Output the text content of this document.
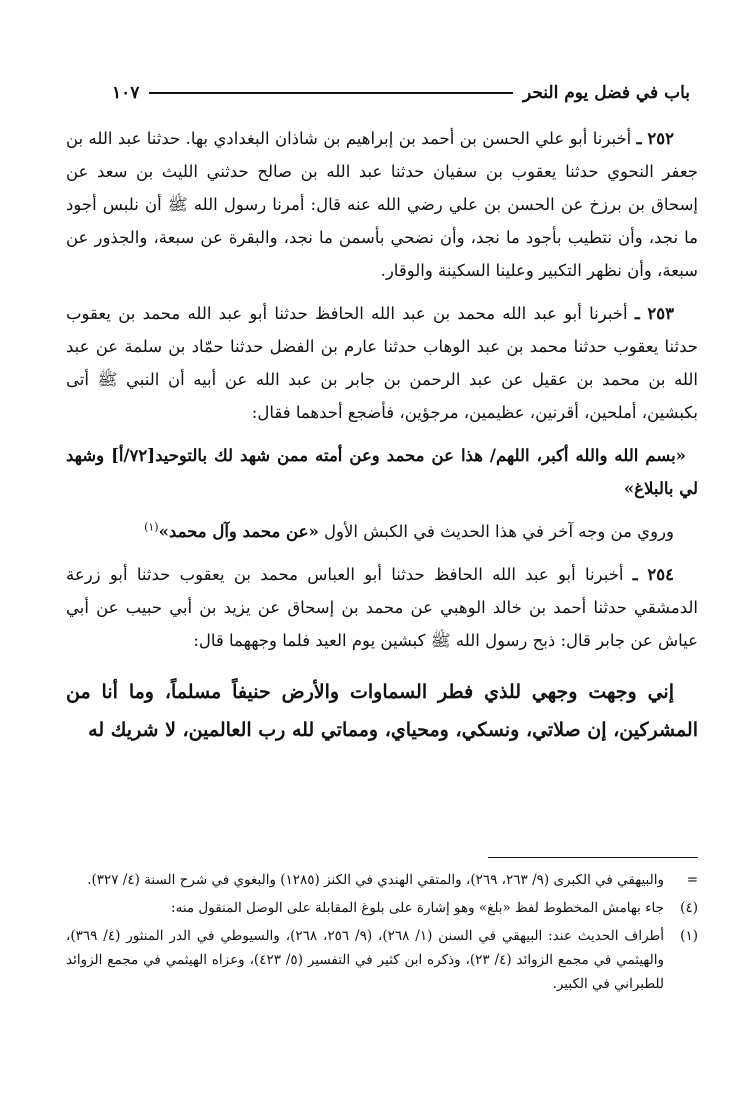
باب في فضل يوم النحر
١٠٧

٢٥٢ ـ أخبرنا أبو علي الحسن بن أحمد بن إبراهيم بن شاذان البغدادي بها. حدثنا عبد الله بن جعفر النحوي حدثنا يعقوب بن سفيان حدثنا عبد الله بن صالح حدثني الليث بن سعد عن إسحاق بن برزخ عن الحسن بن علي رضي الله عنه قال: أمرنا رسول الله ﷺ أن نلبس أجود ما نجد، وأن نتطيب بأجود ما نجد، وأن نضحي بأسمن ما نجد، والبقرة عن سبعة، والجذور عن سبعة، وأن نظهر التكبير وعلينا السكينة والوقار.

٢٥٣ ـ أخبرنا أبو عبد الله محمد بن عبد الله الحافظ حدثنا أبو عبد الله محمد بن يعقوب حدثنا يعقوب حدثنا محمد بن عبد الوهاب حدثنا عارم بن الفضل حدثنا حمّاد بن سلمة عن عبد الله بن محمد بن عقيل عن عبد الرحمن بن جابر بن عبد الله عن أبيه أن النبي ﷺ أتى بكبشين، أملحين، أقرنين، عظيمين، مرجؤين، فأضجع أحدهما فقال:

«بسم الله والله أكبر، اللهم/ هذا عن محمد وعن أمته ممن شهد لك بالتوحيد[٧٢/أ] وشهد لي بالبلاغ»

وروي من وجه آخر في هذا الحديث في الكبش الأول «عن محمد وآل محمد»$^{(١)}$

٢٥٤ ـ أخبرنا أبو عبد الله الحافظ حدثنا أبو العباس محمد بن يعقوب حدثنا أبو زرعة الدمشقي حدثنا أحمد بن خالد الوهبي عن محمد بن إسحاق عن يزيد بن أبي حبيب عن أبي عياش عن جابر قال: ذبح رسول الله ﷺ كبشين يوم العيد فلما وجههما قال:

إني وجهت وجهي للذي فطر السماوات والأرض حنيفاً مسلماً، وما أنا من المشركين، إن صلاتي، ونسكي، ومحياي، ومماتي لله رب العالمين، لا شريك له

=
والبيهقي في الكبرى (٩/ ٢٦٣، ٢٦٩)، والمتقي الهندي في الكنز (١٢٨٥) والبغوي في شرح السنة (٤/ ٣٢٧).
(٤)
جاء بهامش المخطوط لفظ «بلغ» وهو إشارة على بلوغ المقابلة على الوصل المنقول منه:
(١)
أطراف الحديث عند: البيهقي في السنن (١/ ٢٦٨)، (٩/ ٢٥٦، ٢٦٨)، والسيوطي في الدر المنثور (٤/ ٣٦٩)، والهيثمي في مجمع الزوائد (٤/ ٢٣)، وذكره ابن كثير في التفسير (٥/ ٤٢٣)، وعزاه الهيثمي في مجمع الزوائد للطبراني في الكبير.
